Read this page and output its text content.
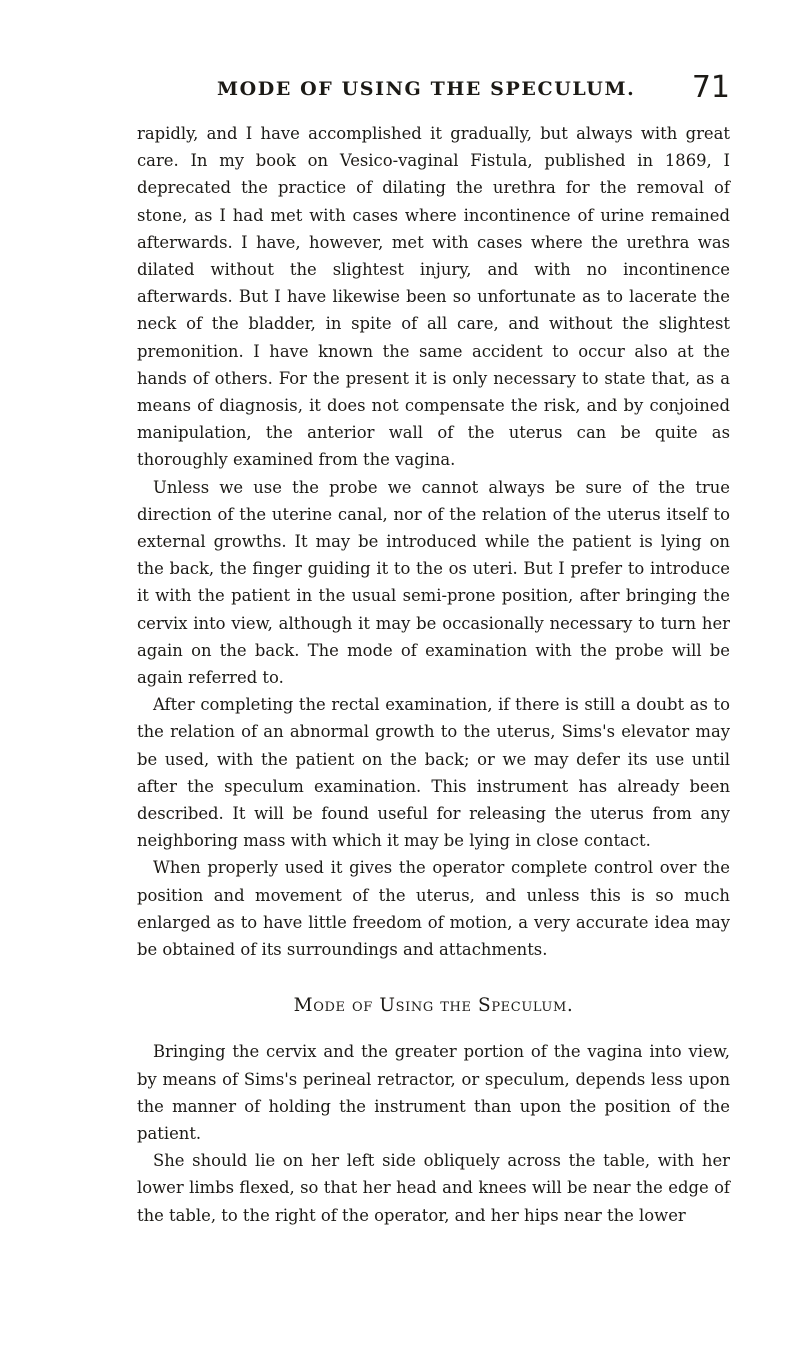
MODE OF USING THE SPECULUM. 71

rapidly, and I have accomplished it gradually, but always with great care. In my book on Vesico-vaginal Fistula, published in 1869, I deprecated the practice of dilating the urethra for the removal of stone, as I had met with cases where incontinence of urine remained afterwards. I have, however, met with cases where the urethra was dilated without the slightest injury, and with no incontinence afterwards. But I have likewise been so unfortunate as to lacerate the neck of the bladder, in spite of all care, and without the slightest premonition. I have known the same accident to occur also at the hands of others. For the present it is only necessary to state that, as a means of diagnosis, it does not compensate the risk, and by conjoined manipulation, the anterior wall of the uterus can be quite as thoroughly examined from the vagina.

Unless we use the probe we cannot always be sure of the true direction of the uterine canal, nor of the relation of the uterus itself to external growths. It may be introduced while the patient is lying on the back, the finger guiding it to the os uteri. But I prefer to introduce it with the patient in the usual semi-prone position, after bringing the cervix into view, although it may be occasionally necessary to turn her again on the back. The mode of examination with the probe will be again referred to.

After completing the rectal examination, if there is still a doubt as to the relation of an abnormal growth to the uterus, Sims's elevator may be used, with the patient on the back; or we may defer its use until after the speculum examination. This instrument has already been described. It will be found useful for releasing the uterus from any neighboring mass with which it may be lying in close contact.

When properly used it gives the operator complete control over the position and movement of the uterus, and unless this is so much enlarged as to have little freedom of motion, a very accurate idea may be obtained of its surroundings and attachments.

Mode of Using the Speculum.

Bringing the cervix and the greater portion of the vagina into view, by means of Sims's perineal retractor, or speculum, depends less upon the manner of holding the instrument than upon the position of the patient.

She should lie on her left side obliquely across the table, with her lower limbs flexed, so that her head and knees will be near the edge of the table, to the right of the operator, and her hips near the lower
